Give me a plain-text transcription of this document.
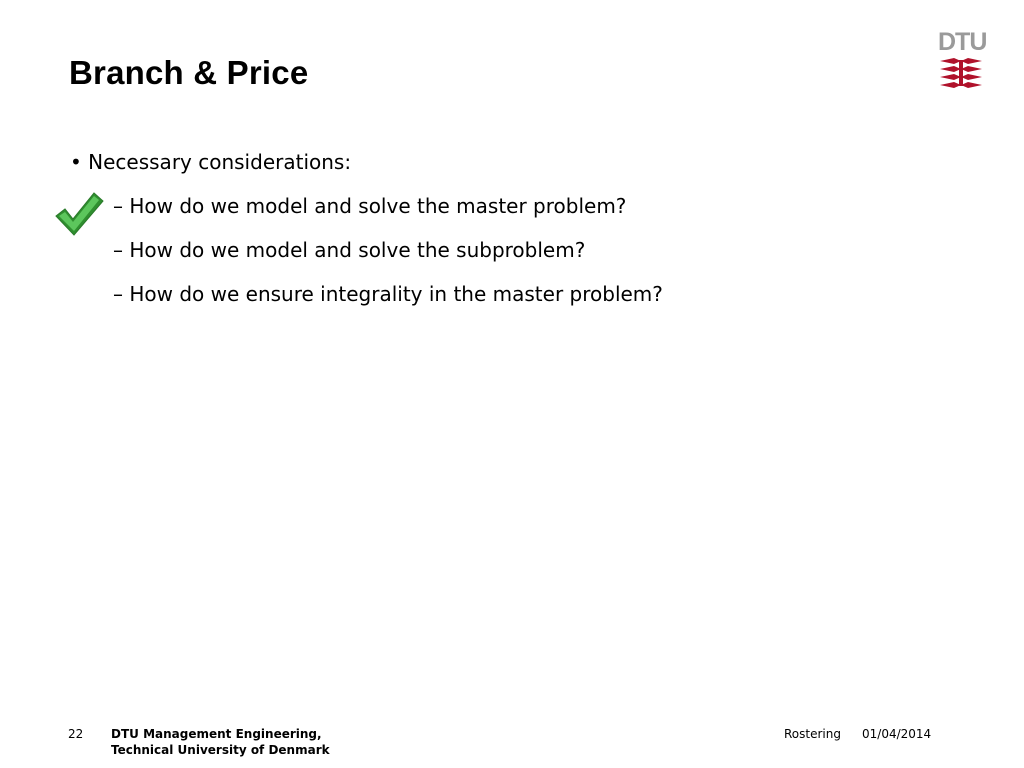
Branch & Price
DTU
• Necessary considerations:
– How do we model and solve the master problem?
– How do we model and solve the subproblem?
– How do we ensure integrality in the master problem?
22 DTU Management Engineering,
Technical University of Denmark
Rostering 01/04/2014
